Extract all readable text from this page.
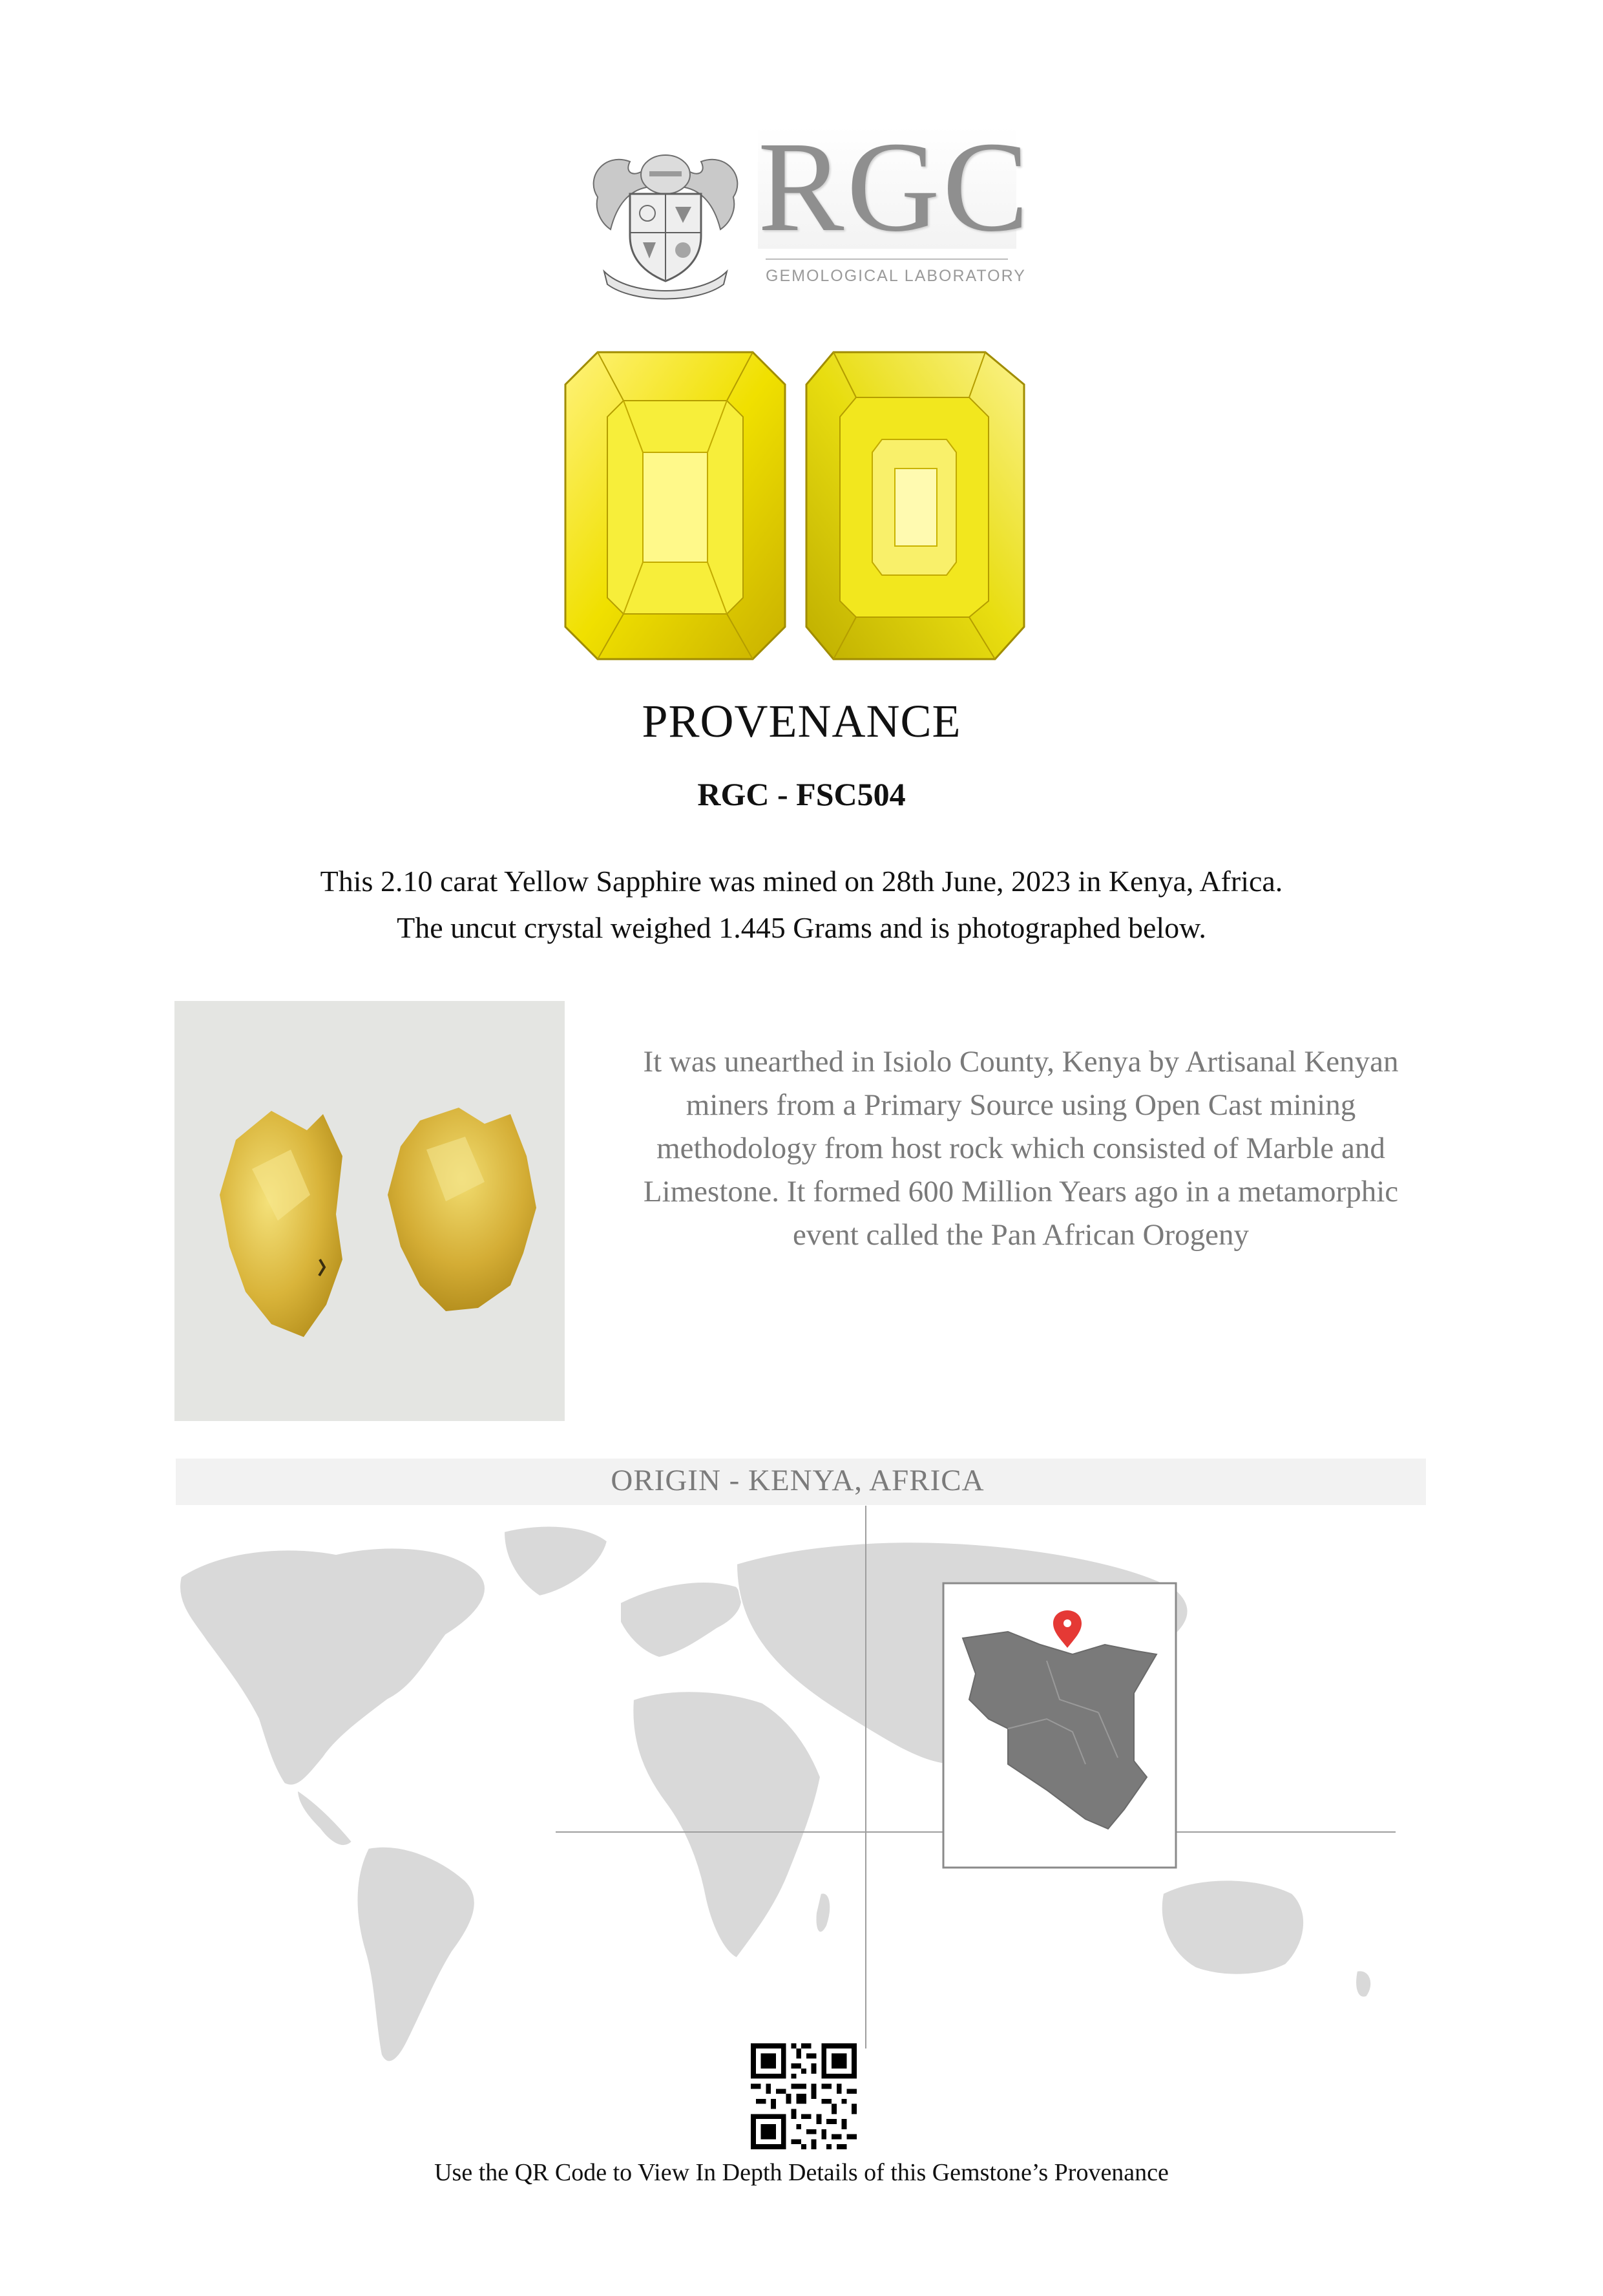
RGC
GEMOLOGICAL LABORATORY
PROVENANCE
RGC - FSC504
This 2.10 carat Yellow Sapphire was mined on 28th June, 2023 in Kenya, Africa.
The uncut crystal weighed 1.445 Grams and is photographed below.
It was unearthed in Isiolo County, Kenya by Artisanal Kenyan miners from a Primary Source using Open Cast mining methodology from host rock which consisted of Marble and Limestone. It formed 600 Million Years ago in a metamorphic event called the Pan African Orogeny
ORIGIN - KENYA, AFRICA
Use the QR Code to View In Depth Details of this Gemstone’s Provenance
